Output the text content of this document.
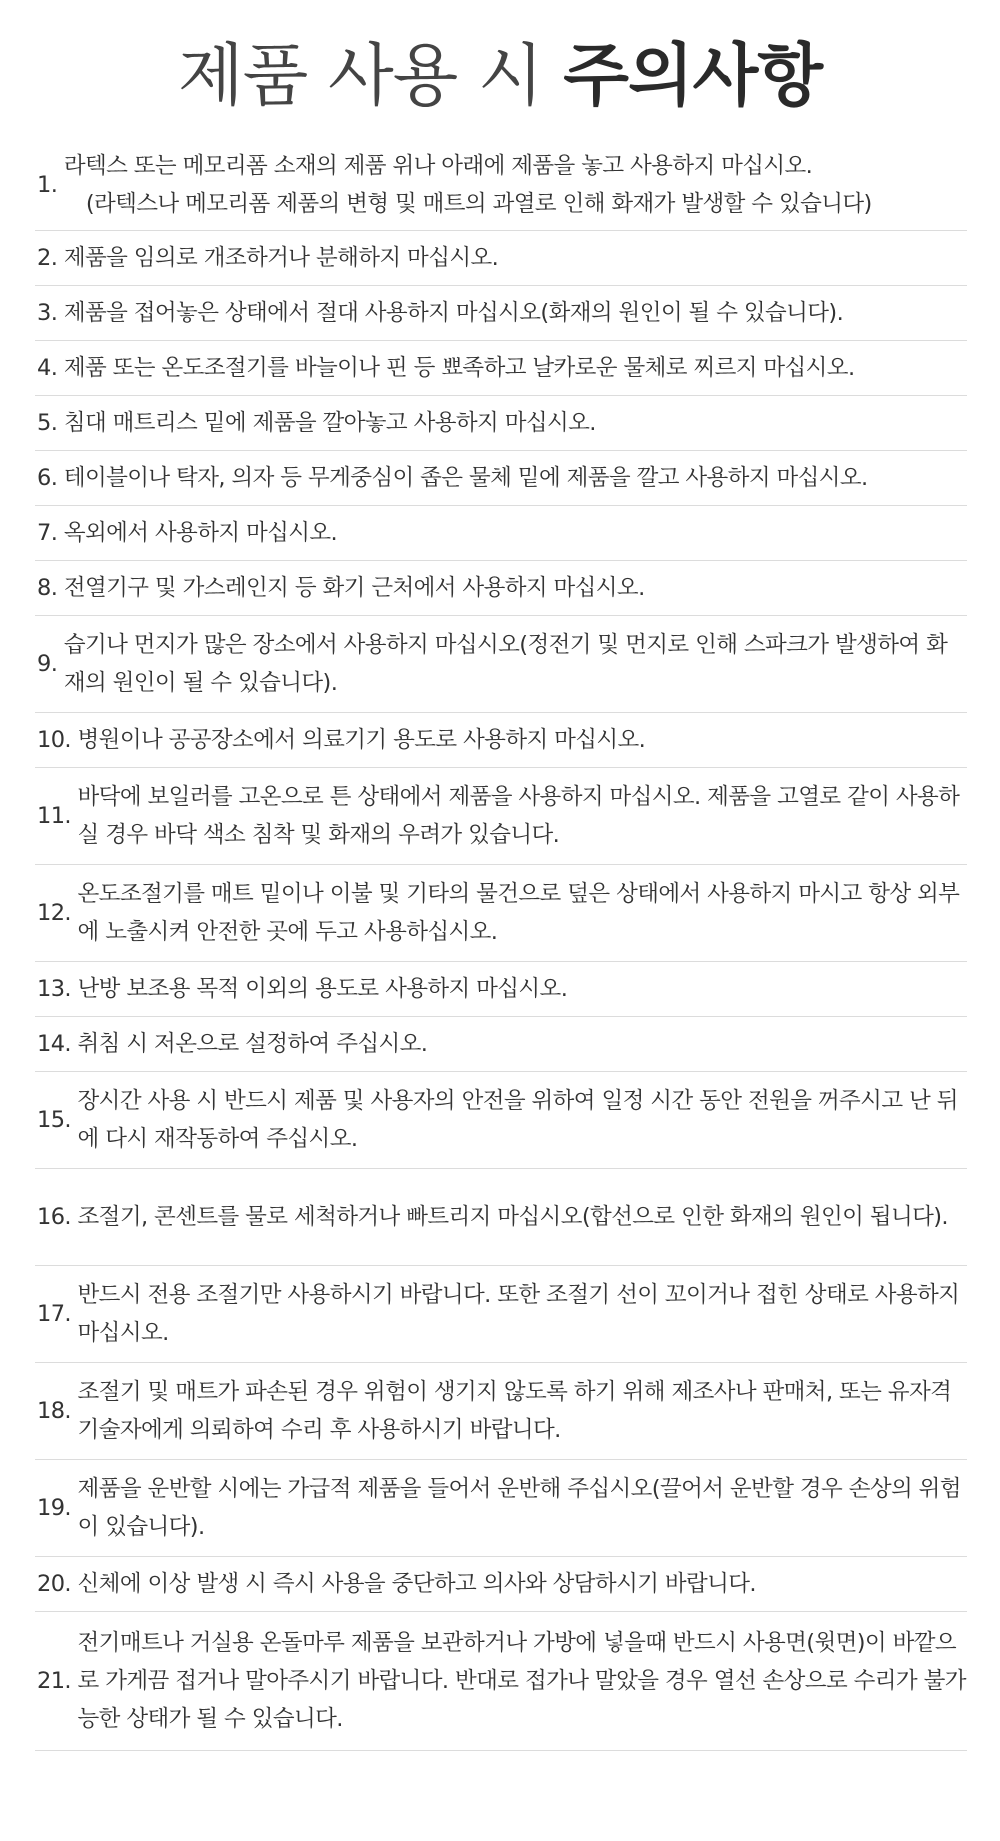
제품 사용 시 주의사항
1.
라텍스 또는 메모리폼 소재의 제품 위나 아래에 제품을 놓고 사용하지 마십시오.
(라텍스나 메모리폼 제품의 변형 및 매트의 과열로 인해 화재가 발생할 수 있습니다)
2. 제품을 임의로 개조하거나 분해하지 마십시오.
3. 제품을 접어놓은 상태에서 절대 사용하지 마십시오(화재의 원인이 될 수 있습니다).
4. 제품 또는 온도조절기를 바늘이나 핀 등 뾰족하고 날카로운 물체로 찌르지 마십시오.
5. 침대 매트리스 밑에 제품을 깔아놓고 사용하지 마십시오.
6. 테이블이나 탁자, 의자 등 무게중심이 좁은 물체 밑에 제품을 깔고 사용하지 마십시오.
7. 옥외에서 사용하지 마십시오.
8. 전열기구 및 가스레인지 등 화기 근처에서 사용하지 마십시오.
9.
습기나 먼지가 많은 장소에서 사용하지 마십시오(정전기 및 먼지로 인해 스파크가 발생하여 화재의 원인이 될 수 있습니다).
10. 병원이나 공공장소에서 의료기기 용도로 사용하지 마십시오.
11.
바닥에 보일러를 고온으로 튼 상태에서 제품을 사용하지 마십시오. 제품을 고열로 같이 사용하실 경우 바닥 색소 침착 및 화재의 우려가 있습니다.
12.
온도조절기를 매트 밑이나 이불 및 기타의 물건으로 덮은 상태에서 사용하지 마시고 항상 외부에 노출시켜 안전한 곳에 두고 사용하십시오.
13. 난방 보조용 목적 이외의 용도로 사용하지 마십시오.
14. 취침 시 저온으로 설정하여 주십시오.
15.
장시간 사용 시 반드시 제품 및 사용자의 안전을 위하여 일정 시간 동안 전원을 꺼주시고 난 뒤에 다시 재작동하여 주십시오.
16. 조절기, 콘센트를 물로 세척하거나 빠트리지 마십시오(합선으로 인한 화재의 원인이 됩니다).
17.
반드시 전용 조절기만 사용하시기 바랍니다. 또한 조절기 선이 꼬이거나 접힌 상태로 사용하지 마십시오.
18.
조절기 및 매트가 파손된 경우 위험이 생기지 않도록 하기 위해 제조사나 판매처, 또는 유자격 기술자에게 의뢰하여 수리 후 사용하시기 바랍니다.
19.
제품을 운반할 시에는 가급적 제품을 들어서 운반해 주십시오(끌어서 운반할 경우 손상의 위험이 있습니다).
20. 신체에 이상 발생 시 즉시 사용을 중단하고 의사와 상담하시기 바랍니다.
21.
전기매트나 거실용 온돌마루 제품을 보관하거나 가방에 넣을때 반드시 사용면(윗면)이 바깥으로 가게끔 접거나 말아주시기 바랍니다. 반대로 접가나 말았을 경우 열선 손상으로 수리가 불가능한 상태가 될 수 있습니다.
